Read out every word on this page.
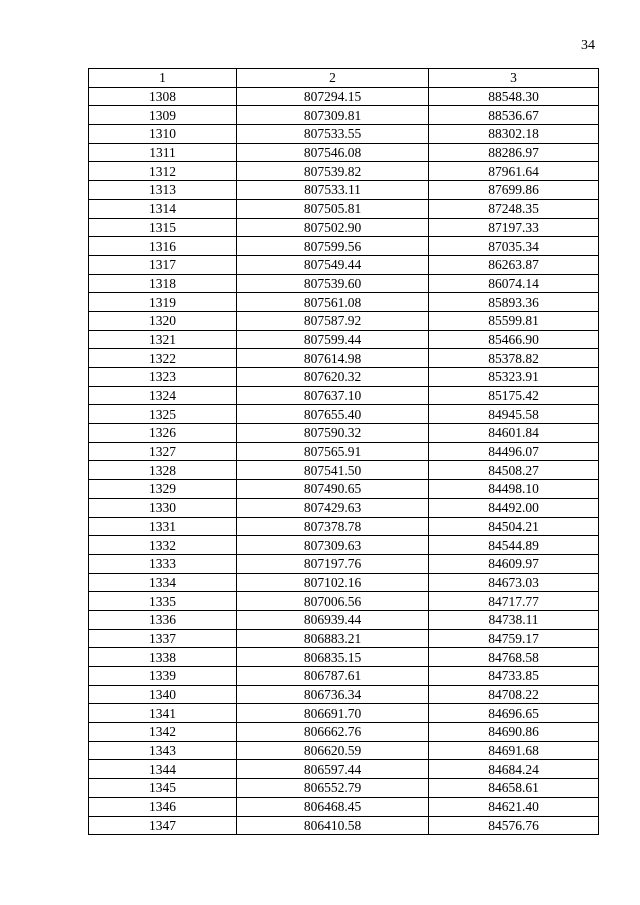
34
1	2	3
1308	807294.15	88548.30
1309	807309.81	88536.67
1310	807533.55	88302.18
1311	807546.08	88286.97
1312	807539.82	87961.64
1313	807533.11	87699.86
1314	807505.81	87248.35
1315	807502.90	87197.33
1316	807599.56	87035.34
1317	807549.44	86263.87
1318	807539.60	86074.14
1319	807561.08	85893.36
1320	807587.92	85599.81
1321	807599.44	85466.90
1322	807614.98	85378.82
1323	807620.32	85323.91
1324	807637.10	85175.42
1325	807655.40	84945.58
1326	807590.32	84601.84
1327	807565.91	84496.07
1328	807541.50	84508.27
1329	807490.65	84498.10
1330	807429.63	84492.00
1331	807378.78	84504.21
1332	807309.63	84544.89
1333	807197.76	84609.97
1334	807102.16	84673.03
1335	807006.56	84717.77
1336	806939.44	84738.11
1337	806883.21	84759.17
1338	806835.15	84768.58
1339	806787.61	84733.85
1340	806736.34	84708.22
1341	806691.70	84696.65
1342	806662.76	84690.86
1343	806620.59	84691.68
1344	806597.44	84684.24
1345	806552.79	84658.61
1346	806468.45	84621.40
1347	806410.58	84576.76
